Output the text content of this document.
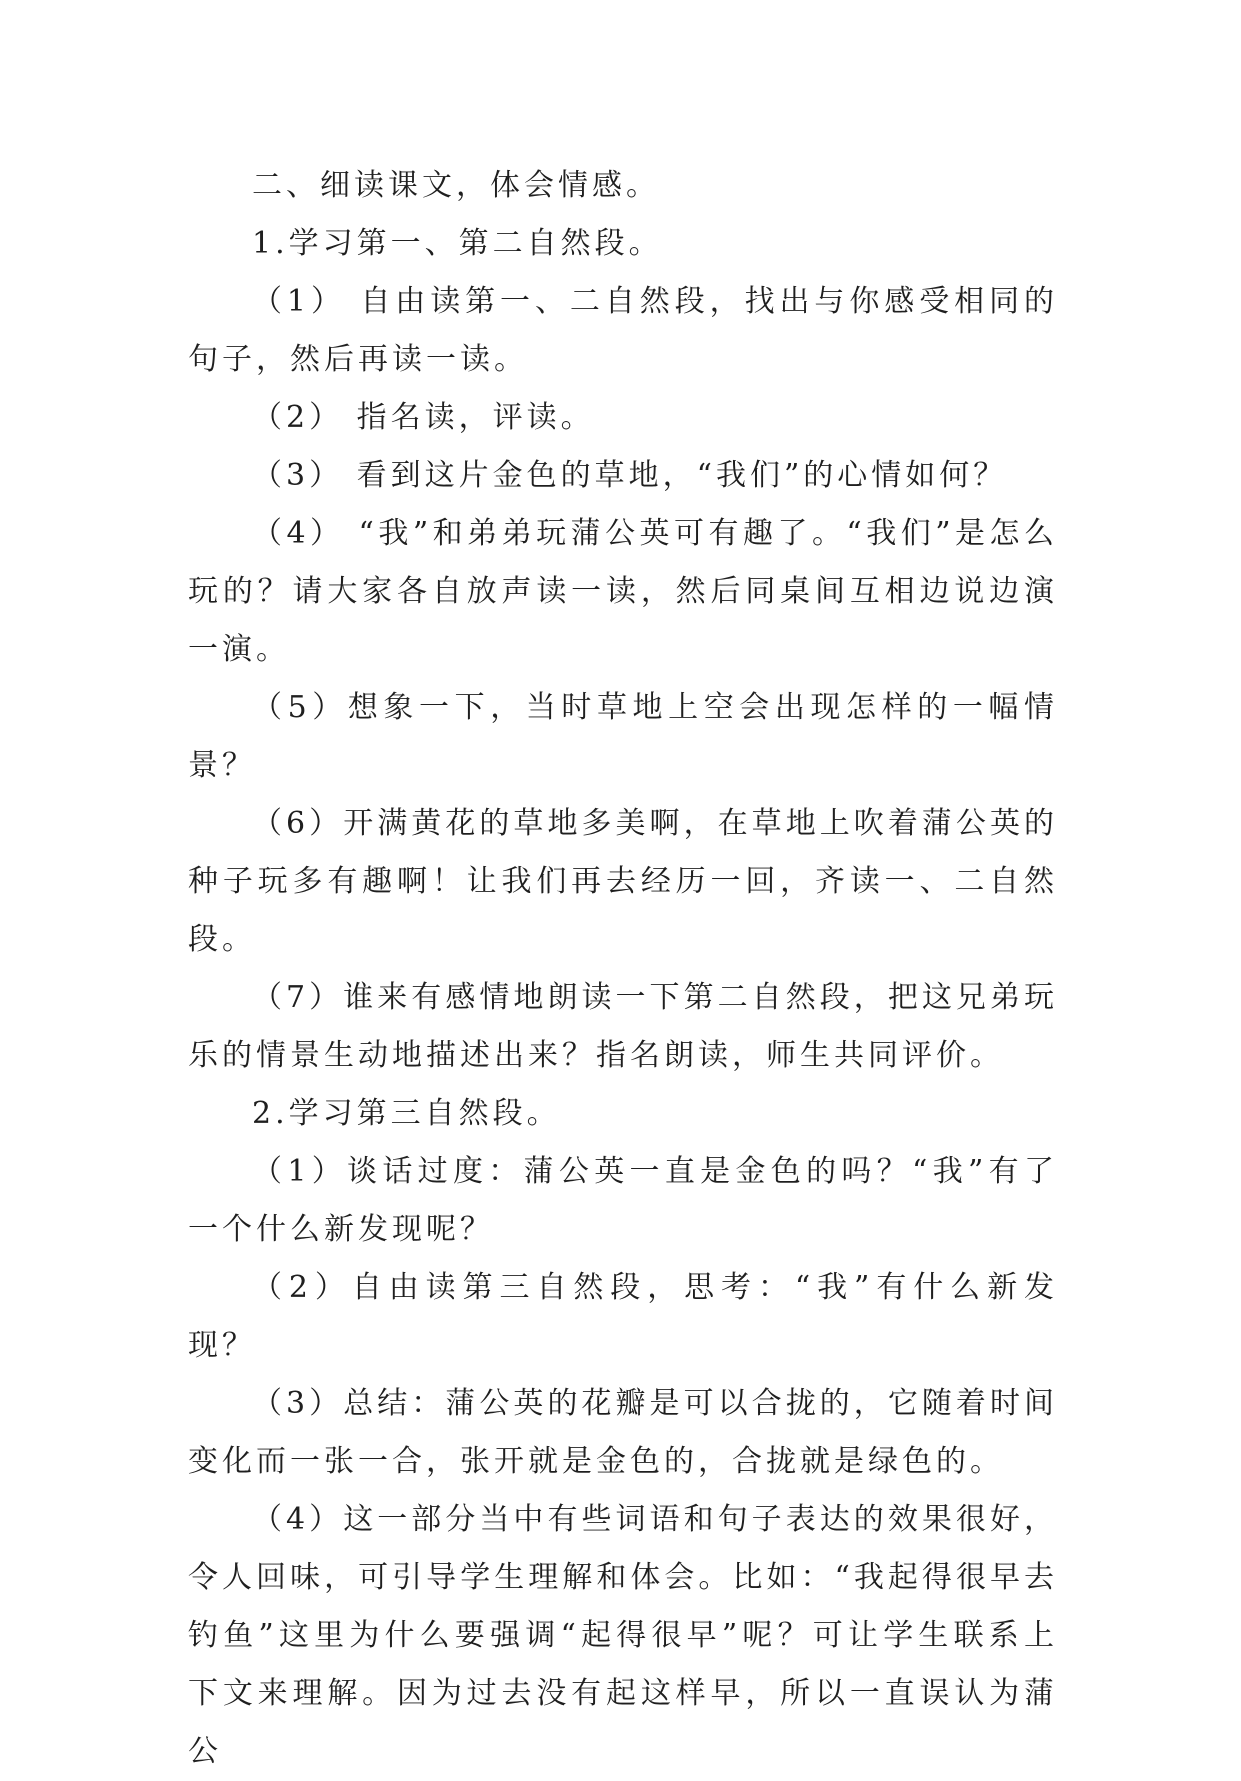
二、细读课文，体会情感。

1.学习第一、第二自然段。

（1） 自由读第一、二自然段，找出与你感受相同的句子，然后再读一读。

（2） 指名读，评读。

（3） 看到这片金色的草地，“我们”的心情如何？

（4） “我”和弟弟玩蒲公英可有趣了。“我们”是怎么玩的？请大家各自放声读一读，然后同桌间互相边说边演一演。

（5）想象一下，当时草地上空会出现怎样的一幅情景？

（6）开满黄花的草地多美啊，在草地上吹着蒲公英的种子玩多有趣啊！让我们再去经历一回，齐读一、二自然段。

（7）谁来有感情地朗读一下第二自然段，把这兄弟玩乐的情景生动地描述出来？指名朗读，师生共同评价。

2.学习第三自然段。

（1）谈话过度：蒲公英一直是金色的吗？“我”有了一个什么新发现呢？

（2）自由读第三自然段，思考：“我”有什么新发现？

（3）总结：蒲公英的花瓣是可以合拢的，它随着时间变化而一张一合，张开就是金色的，合拢就是绿色的。

（4）这一部分当中有些词语和句子表达的效果很好，令人回味，可引导学生理解和体会。比如：“我起得很早去钓鱼”这里为什么要强调“起得很早”呢？可让学生联系上下文来理解。因为过去没有起这样早，所以一直误认为蒲公
